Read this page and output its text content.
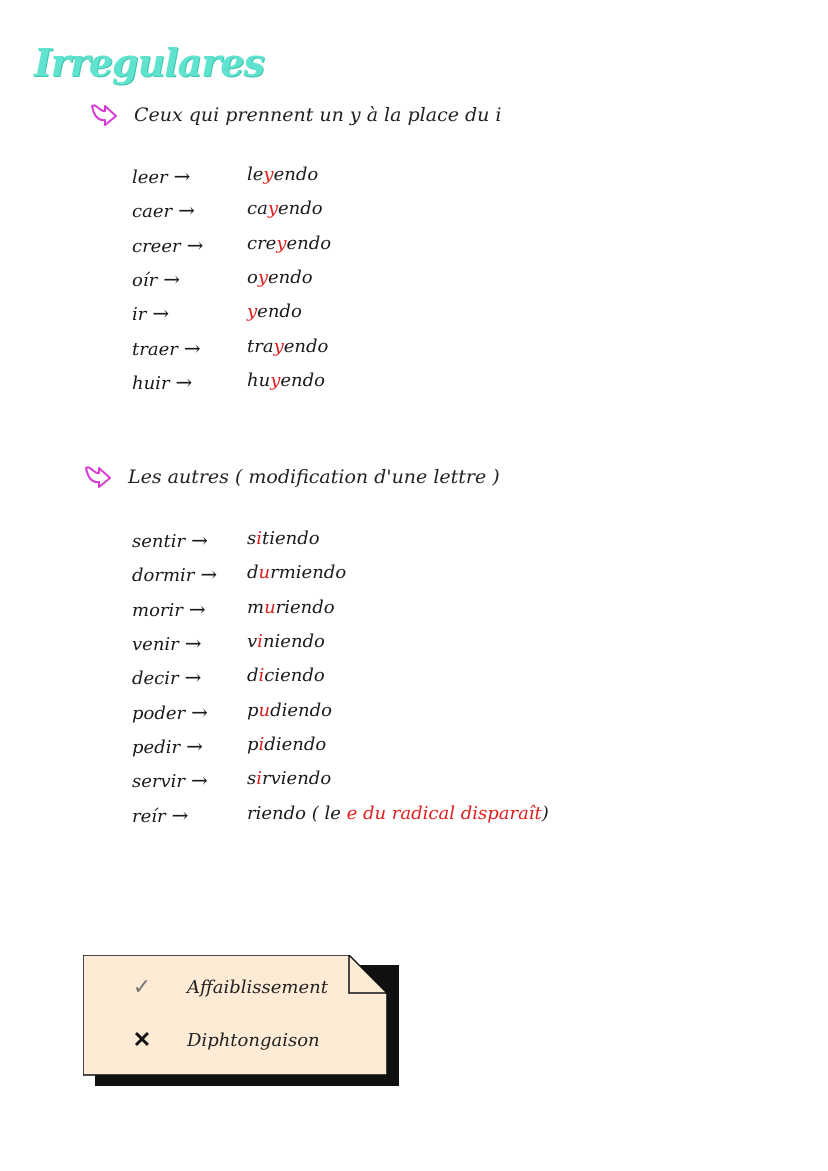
Irregulares
Ceux qui prennent un y à la place du i
leer →	leyendo
caer →	cayendo
creer → creyendo
oír →	oyendo
ir →	yendo
traer →	trayendo
huir →	huyendo
Les autres ( modification d'une lettre )
sentir → sitiendo
dormir → durmiendo
morir → muriendo
venir →	viniendo
decir →	diciendo
poder → pudiendo
pedir → pidiendo
servir → sirviendo
reír →	riendo ( le e du radical disparaît)
✓ Affaiblissement
✕ Diphtongaison
